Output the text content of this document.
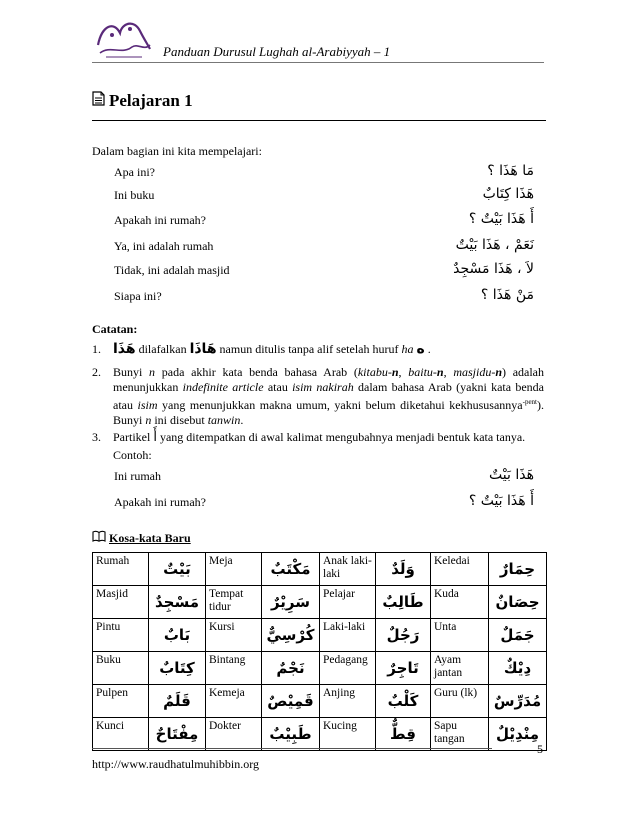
Panduan Durusul Lughah al-Arabiyyah – 1
Pelajaran 1
Dalam bagian ini kita mempelajari:
Apa ini?	مَا هَذَا ؟
Ini buku	هَذَا كِتَابٌ
Apakah ini rumah?	أَ هَذَا بَيْتٌ ؟
Ya, ini adalah rumah	نَعَمْ ، هَذَا بَيْتٌ
Tidak, ini adalah masjid	لاَ ، هَذَا مَسْجِدٌ
Siapa ini?	مَنْ هَذَا ؟
Catatan:
1. هَذَا dilafalkan هَاذَا namun ditulis tanpa alif setelah huruf ha ه .
2. Bunyi n pada akhir kata benda bahasa Arab (kitabu-n, baitu-n, masjidu-n) adalah menunjukkan indefinite article atau isim nakirah dalam bahasa Arab (yakni kata benda atau isim yang menunjukkan makna umum, yakni belum diketahui kekhususannya$^{-pent}$). Bunyi n ini disebut tanwin.
3. Partikel أَ yang ditempatkan di awal kalimat mengubahnya menjadi bentuk kata tanya.
Contoh:
Ini rumah	هَذَا بَيْتٌ
Apakah ini rumah?	أَ هَذَا بَيْتٌ ؟
Kosa-kata Baru
Rumah	بَيْتٌ	Meja	مَكْتَبٌ	Anak laki-laki	وَلَدٌ	Keledai	حِمَارٌ
Masjid	مَسْجِدٌ	Tempat tidur	سَرِيْرٌ	Pelajar	طَالِبٌ	Kuda	حِصَانٌ
Pintu	بَابٌ	Kursi	كُرْسِيٌّ	Laki-laki	رَجُلٌ	Unta	جَمَلٌ
Buku	كِتَابٌ	Bintang	نَجْمٌ	Pedagang	تَاجِرٌ	Ayam jantan	دِيْكٌ
Pulpen	قَلَمٌ	Kemeja	قَمِيْصٌ	Anjing	كَلْبٌ	Guru (lk)	مُدَرِّسٌ
Kunci	مِفْتَاحٌ	Dokter	طَبِيْبٌ	Kucing	قِطٌّ	Sapu tangan	مِنْدِيْلٌ
5
http://www.raudhatulmuhibbin.org
